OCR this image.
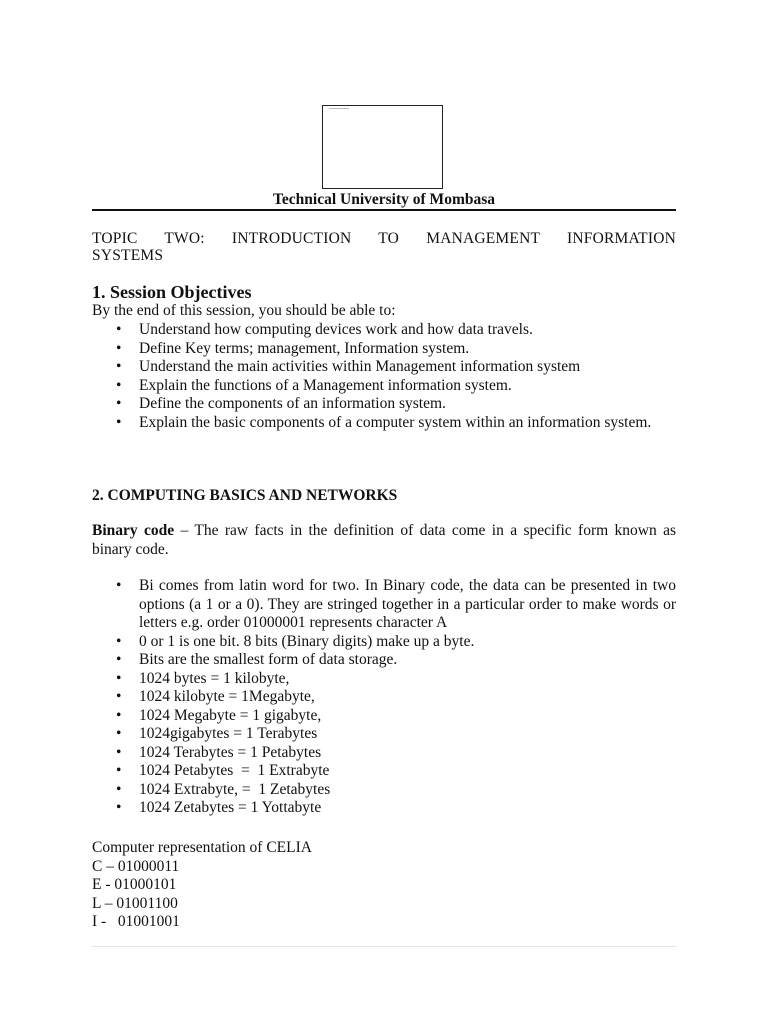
Technical University of Mombasa
TOPIC TWO: INTRODUCTION TO MANAGEMENT INFORMATION
SYSTEMS
1. Session Objectives
By the end of this session, you should be able to:
• Understand how computing devices work and how data travels.
• Define Key terms; management, Information system.
• Understand the main activities within Management information system
• Explain the functions of a Management information system.
• Define the components of an information system.
• Explain the basic components of a computer system within an information system.
2. COMPUTING BASICS AND NETWORKS
Binary code – The raw facts in the definition of data come in a specific form known as binary code.
• Bi comes from latin word for two. In Binary code, the data can be presented in two options (a 1 or a 0). They are stringed together in a particular order to make words or letters e.g. order 01000001 represents character A
• 0 or 1 is one bit. 8 bits (Binary digits) make up a byte.
• Bits are the smallest form of data storage.
• 1024 bytes = 1 kilobyte,
• 1024 kilobyte = 1Megabyte,
• 1024 Megabyte = 1 gigabyte,
• 1024gigabytes = 1 Terabytes
• 1024 Terabytes = 1 Petabytes
• 1024 Petabytes  =  1 Extrabyte
• 1024 Extrabyte, =  1 Zetabytes
• 1024 Zetabytes = 1 Yottabyte
Computer representation of CELIA
C – 01000011
E - 01000101
L – 01001100
I -   01001001
